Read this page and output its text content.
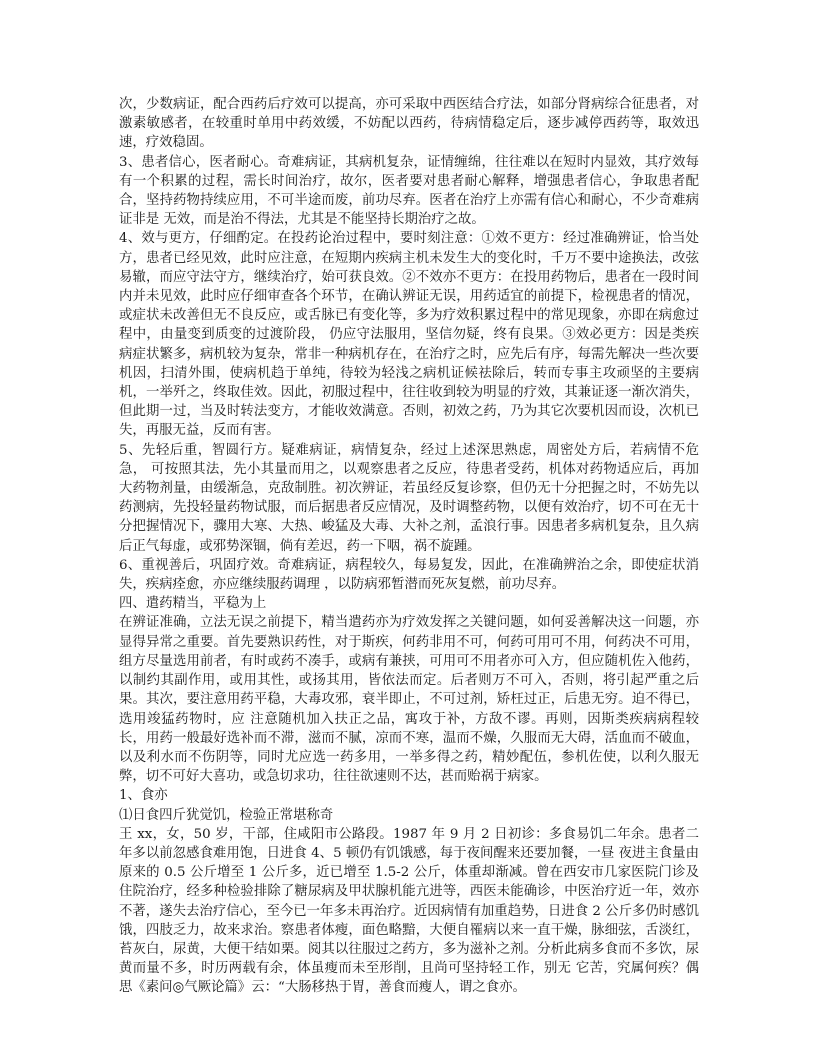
次，少数病证，配合西药后疗效可以提高，亦可采取中西医结合疗法，如部分肾病综合征患者，对激素敏感者，在较重时单用中药效缓，不妨配以西药，待病情稳定后，逐步减停西药等，取效迅速，疗效稳固。

3、患者信心，医者耐心。奇难病证，其病机复杂，证情缠绵，往往难以在短时内显效，其疗效每有一个积累的过程，需长时间治疗，故尔，医者要对患者耐心解释，增强患者信心，争取患者配合，坚持药物持续应用，不可半途而废，前功尽弃。医者在治疗上亦需有信心和耐心，不少奇难病证非是 无效，而是治不得法，尤其是不能坚持长期治疗之故。

4、效与更方，仔细酌定。在投药论治过程中，要时刻注意：①效不更方：经过准确辨证，恰当处方，患者已经见效，此时应注意，在短期内疾病主机未发生大的变化时，千万不要中途换法，改弦易辙，而应守法守方，继续治疗，始可获良效。②不效亦不更方：在投用药物后，患者在一段时间内并未见效，此时应仔细审查各个环节，在确认辨证无误，用药适宜的前提下，检视患者的情况，或症状未改善但无不良反应，或舌脉已有变化等，多为疗效积累过程中的常见现象，亦即在病愈过程中，由量变到质变的过渡阶段， 仍应守法服用，坚信勿疑，终有良果。③效必更方：因是类疾病症状繁多，病机较为复杂，常非一种病机存在，在治疗之时，应先后有序，每需先解决一些次要机因，扫清外围，使病机趋于单纯，待较为轻浅之病机证候祛除后，转而专事主攻顽坚的主要病机，一举歼之，终取佳效。因此，初服过程中，往往收到较为明显的疗效，其兼证逐一渐次消失，但此期一过，当及时转法变方，才能收效满意。否则，初效之药，乃为其它次要机因而设，次机已失，再服无益，反而有害。

5、先轻后重，智圆行方。疑难病证，病情复杂，经过上述深思熟虑，周密处方后，若病情不危急， 可按照其法，先小其量而用之，以观察患者之反应，待患者受药，机体对药物适应后，再加大药物剂量，由缓渐急，克敌制胜。初次辨证，若虽经反复诊察，但仍无十分把握之时，不妨先以药测病，先投轻量药物试服，而后据患者反应情况，及时调整药物，以便有效治疗，切不可在无十分把握情况下，骤用大寒、大热、峻猛及大毒、大补之剂，孟浪行事。因患者多病机复杂，且久病后正气每虚，或邪势深锢，倘有差迟，药一下咽，祸不旋踵。

6、重视善后，巩固疗效。奇难病证，病程较久，每易复发，因此，在准确辨治之余，即使症状消失，疾病痊愈，亦应继续服药调理 ，以防病邪暂潜而死灰复燃，前功尽弃。

四、遣药精当，平稳为上

在辨证准确，立法无误之前提下，精当遣药亦为疗效发挥之关键问题，如何妥善解决这一问题，亦显得异常之重要。首先要熟识药性，对于斯疾，何药非用不可，何药可用可不用，何药决不可用，组方尽量选用前者，有时或药不凑手，或病有兼挟，可用可不用者亦可入方，但应随机佐入他药，以制约其副作用，或用其性，或扬其用，皆依法而定。后者则万不可入，否则，将引起严重之后果。其次，要注意用药平稳，大毒攻邪，衰半即止，不可过剂，矫枉过正，后患无穷。迫不得已，选用竣猛药物时，应 注意随机加入扶正之品，寓攻于补，方敌不谬。再则，因斯类疾病病程较长，用药一般最好选补而不滞，滋而不腻，凉而不寒，温而不燥，久服而无大碍，活血而不破血，以及利水而不伤阴等，同时尤应选一药多用，一举多得之药，精妙配伍，参机佐使，以利久服无弊，切不可好大喜功，或急切求功，往往欲速则不达，甚而贻祸于病家。

1、食亦

⑴日食四斤犹觉饥，检验正常堪称奇

王 xx，女，50 岁，干部，住咸阳市公路段。1987 年 9 月 2 日初诊：多食易饥二年余。患者二年多以前忽感食难用饱，日进食 4、5 顿仍有饥饿感，每于夜间醒来还要加餐，一昼 夜进主食量由原来的 0.5 公斤增至 1 公斤多，近已增至 1.5-2 公斤，体重却渐减。曾在西安市几家医院门诊及住院治疗，经多种检验排除了糖尿病及甲状腺机能亢进等，西医未能确诊，中医治疗近一年，效亦不著，遂失去治疗信心，至今已一年多未再治疗。近因病情有加重趋势，日进食 2 公斤多仍时感饥饿，四肢乏力，故来求治。察患者体瘦，面色略黯，大便自罹病以来一直干燥，脉细弦，舌淡红，苔灰白，尿黄，大便干结如栗。阅其以往服过之药方，多为滋补之剂。分析此病多食而不多饮，尿黄而量不多，时历两载有余，体虽瘦而未至形削，且尚可坚持轻工作，别无 它苦，究属何疾？偶思《素问◎气厥论篇》云：“大肠移热于胃，善食而瘦人，谓之食亦。
